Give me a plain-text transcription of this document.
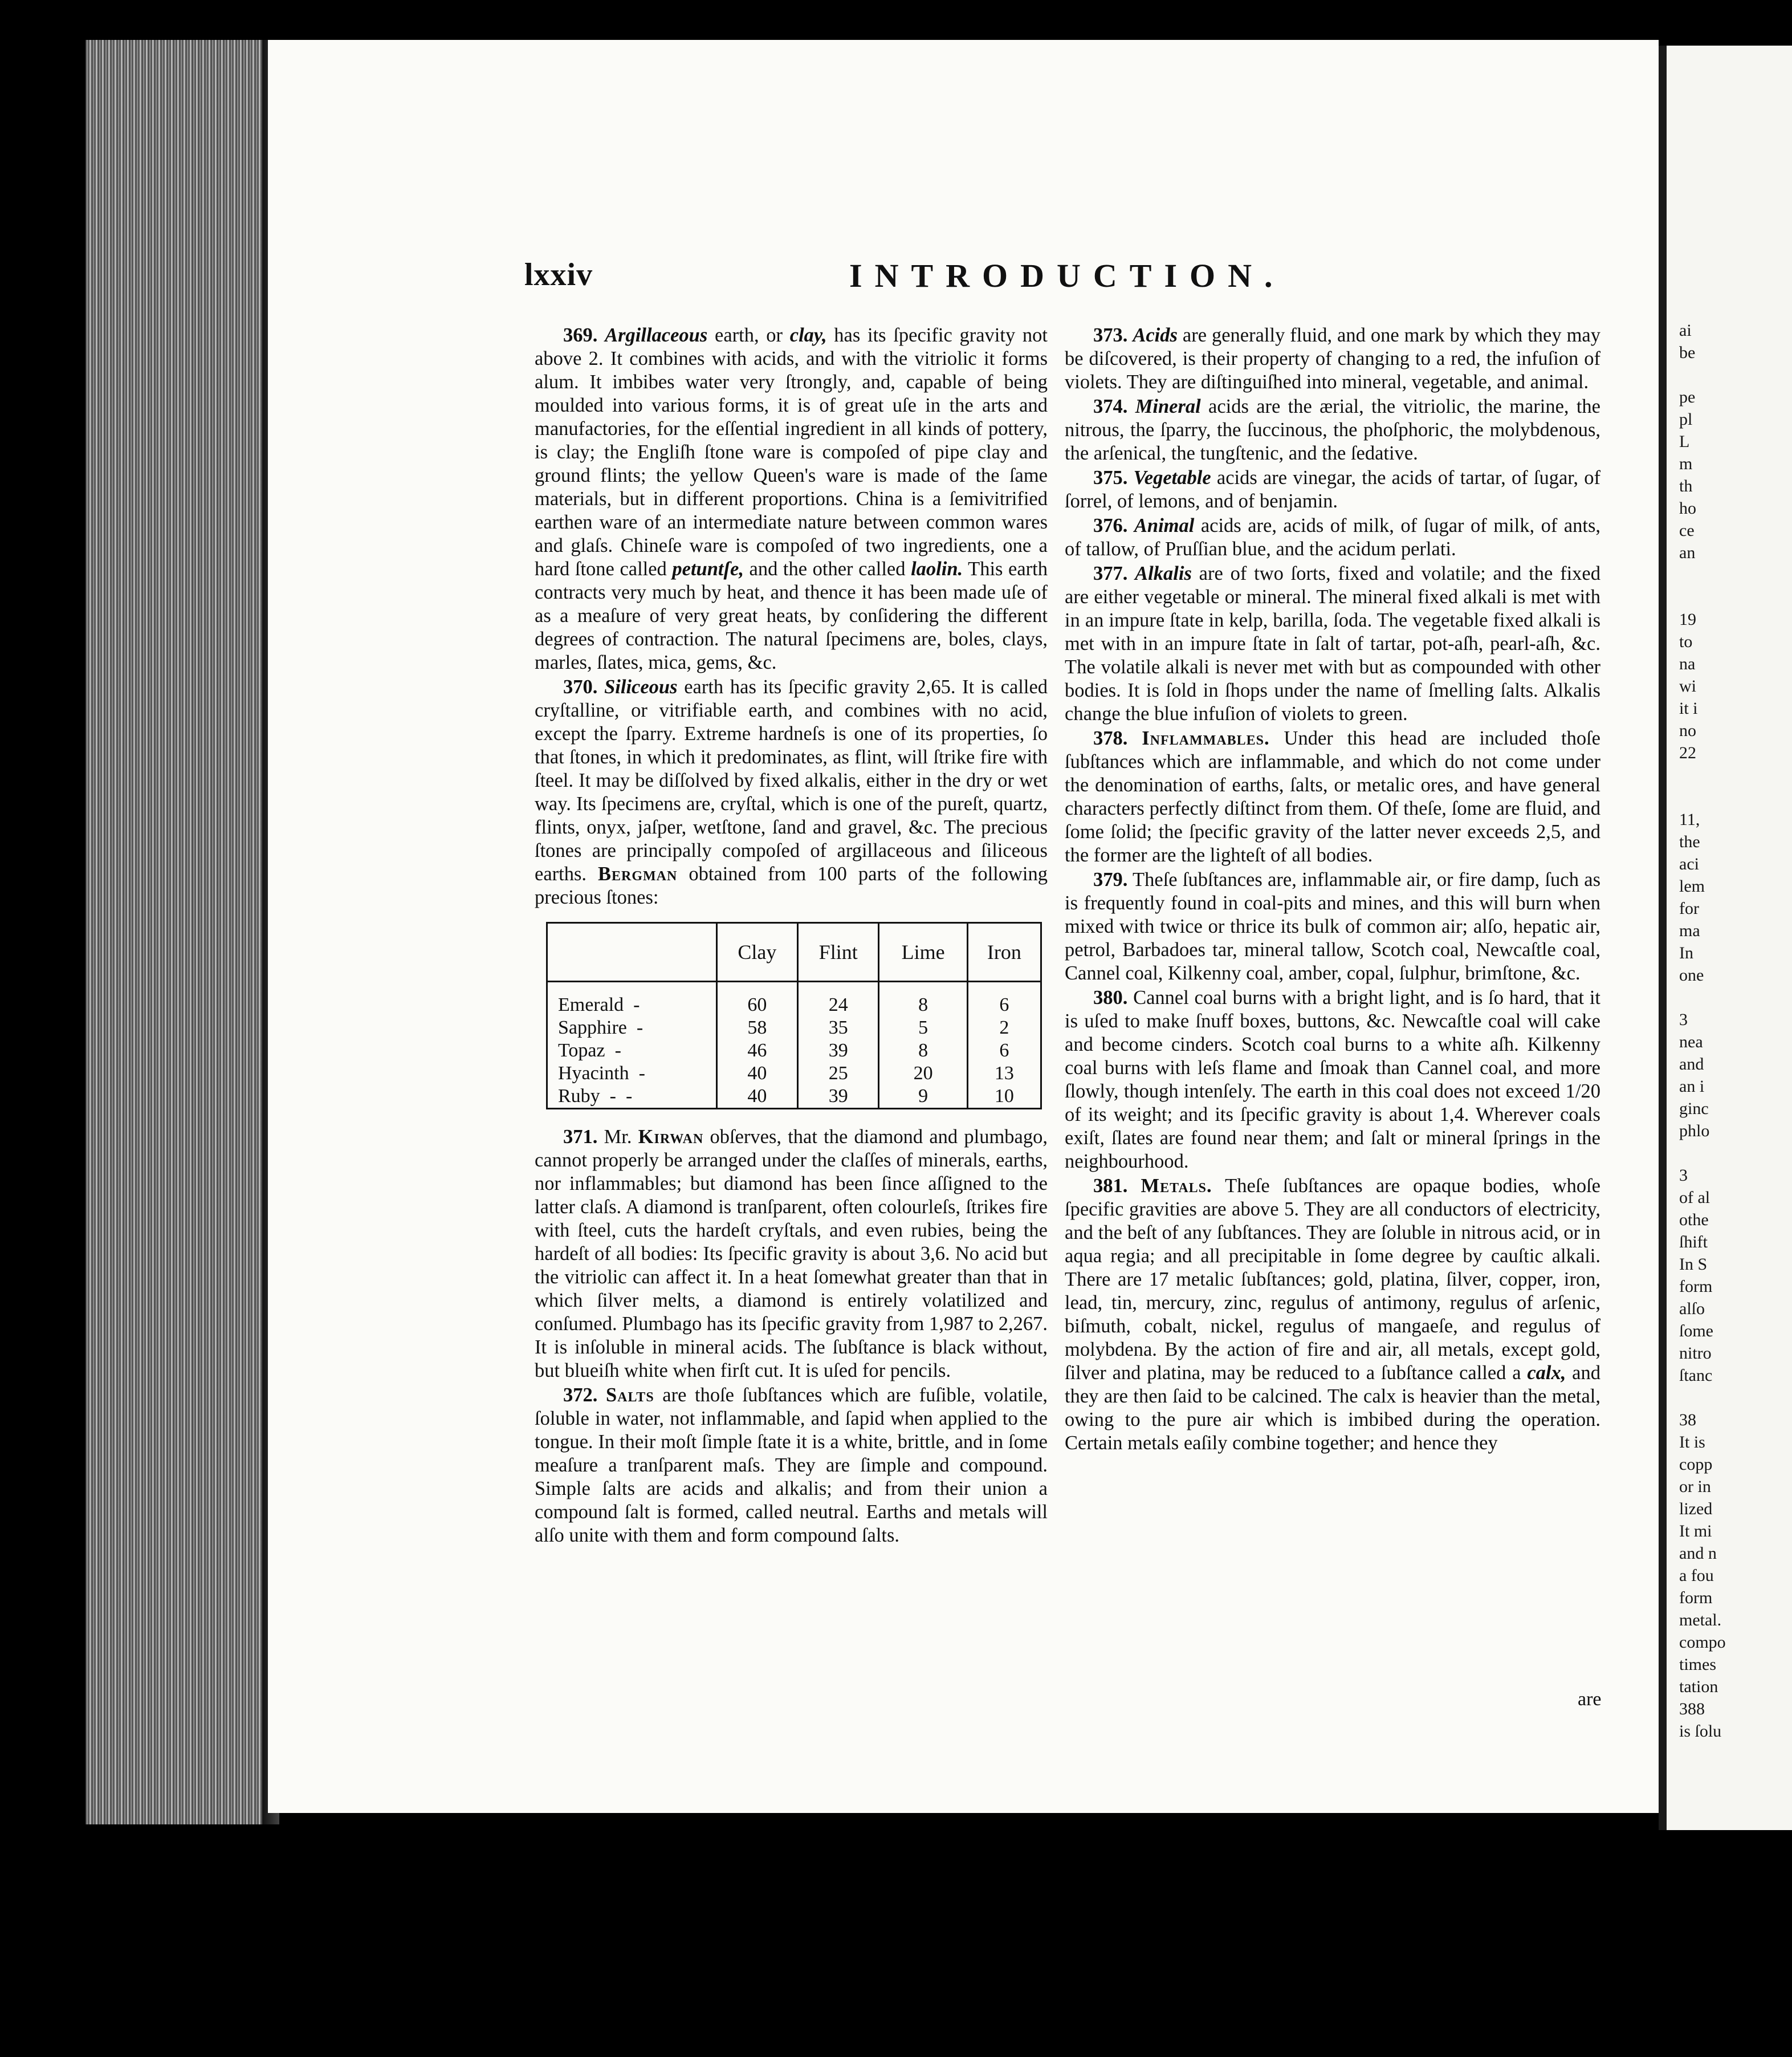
ai
be
pe
pl
L
m
th
ho
ce
an
19
to
na
wi
it i
no
22
11,
the
aci
lem
for
ma
In
one
3
nea
and
an i
ginc
phlo
3
of al
othe
ſhift
In S
form
alſo
ſome
nitro
ſtanc
38
It is
copp
or in
lized
It mi
and n
a fou
form
metal.
compo
times
tation
388
is ſolu
lxxiv	INTRODUCTION.

369. Argillaceous earth, or clay, has its ſpecific gravity not above 2. It combines with acids, and with the vitriolic it forms alum. It imbibes water very ſtrongly, and, capable of being moulded into various forms, it is of great uſe in the arts and manufactories, for the eſſential ingredient in all kinds of pottery, is clay; the Engliſh ſtone ware is compoſed of pipe clay and ground flints; the yellow Queen's ware is made of the ſame materials, but in different proportions. China is a ſemivitrified earthen ware of an intermediate nature between common wares and glaſs. Chineſe ware is compoſed of two ingredients, one a hard ſtone called petuntſe, and the other called laolin. This earth contracts very much by heat, and thence it has been made uſe of as a meaſure of very great heats, by conſidering the different degrees of contraction. The natural ſpecimens are, boles, clays, marles, ſlates, mica, gems, &c.

370. Siliceous earth has its ſpecific gravity 2,65. It is called cryſtalline, or vitrifiable earth, and combines with no acid, except the ſparry. Extreme hardneſs is one of its properties, ſo that ſtones, in which it predominates, as flint, will ſtrike fire with ſteel. It may be diſſolved by fixed alkalis, either in the dry or wet way. Its ſpecimens are, cryſtal, which is one of the pureſt, quartz, flints, onyx, jaſper, wetſtone, ſand and gravel, &c. The precious ſtones are principally compoſed of argillaceous and ſiliceous earths. Bergman obtained from 100 parts of the following precious ſtones:

	Clay	Flint	Lime	Iron
Emerald  -	60	24	8	6
Sapphire  -	58	35	5	2
Topaz  -	46	39	8	6
Hyacinth  -	40	25	20	13
Ruby  -  -	40	39	9	10

371. Mr. Kirwan obſerves, that the diamond and plumbago, cannot properly be arranged under the claſſes of minerals, earths, nor inflammables; but diamond has been ſince aſſigned to the latter claſs. A diamond is tranſparent, often colourleſs, ſtrikes fire with ſteel, cuts the hardeſt cryſtals, and even rubies, being the hardeſt of all bodies: Its ſpecific gravity is about 3,6. No acid but the vitriolic can affect it. In a heat ſomewhat greater than that in which ſilver melts, a diamond is entirely volatilized and conſumed. Plumbago has its ſpecific gravity from 1,987 to 2,267. It is inſoluble in mineral acids. The ſubſtance is black without, but blueiſh white when firſt cut. It is uſed for pencils.

372. Salts are thoſe ſubſtances which are fuſible, volatile, ſoluble in water, not inflammable, and ſapid when applied to the tongue. In their moſt ſimple ſtate it is a white, brittle, and in ſome meaſure a tranſparent maſs. They are ſimple and compound. Simple ſalts are acids and alkalis; and from their union a compound ſalt is formed, called neutral. Earths and metals will alſo unite with them and form compound ſalts.

373. Acids are generally fluid, and one mark by which they may be diſcovered, is their property of changing to a red, the infuſion of violets. They are diſtinguiſhed into mineral, vegetable, and animal.

374. Mineral acids are the ærial, the vitriolic, the marine, the nitrous, the ſparry, the ſuccinous, the phoſphoric, the molybdenous, the arſenical, the tungſtenic, and the ſedative.

375. Vegetable acids are vinegar, the acids of tartar, of ſugar, of ſorrel, of lemons, and of benjamin.

376. Animal acids are, acids of milk, of ſugar of milk, of ants, of tallow, of Pruſſian blue, and the acidum perlati.

377. Alkalis are of two ſorts, fixed and volatile; and the fixed are either vegetable or mineral. The mineral fixed alkali is met with in an impure ſtate in kelp, barilla, ſoda. The vegetable fixed alkali is met with in an impure ſtate in ſalt of tartar, pot-aſh, pearl-aſh, &c. The volatile alkali is never met with but as compounded with other bodies. It is ſold in ſhops under the name of ſmelling ſalts. Alkalis change the blue infuſion of violets to green.

378. Inflammables. Under this head are included thoſe ſubſtances which are inflammable, and which do not come under the denomination of earths, ſalts, or metalic ores, and have general characters perfectly diſtinct from them. Of theſe, ſome are fluid, and ſome ſolid; the ſpecific gravity of the latter never exceeds 2,5, and the former are the lighteſt of all bodies.

379. Theſe ſubſtances are, inflammable air, or fire damp, ſuch as is frequently found in coal-pits and mines, and this will burn when mixed with twice or thrice its bulk of common air; alſo, hepatic air, petrol, Barbadoes tar, mineral tallow, Scotch coal, Newcaſtle coal, Cannel coal, Kilkenny coal, amber, copal, ſulphur, brimſtone, &c.

380. Cannel coal burns with a bright light, and is ſo hard, that it is uſed to make ſnuff boxes, buttons, &c. Newcaſtle coal will cake and become cinders. Scotch coal burns to a white aſh. Kilkenny coal burns with leſs flame and ſmoak than Cannel coal, and more ſlowly, though intenſely. The earth in this coal does not exceed 1/20 of its weight; and its ſpecific gravity is about 1,4. Wherever coals exiſt, ſlates are found near them; and ſalt or mineral ſprings in the neighbourhood.

381. Metals. Theſe ſubſtances are opaque bodies, whoſe ſpecific gravities are above 5. They are all conductors of electricity, and the beſt of any ſubſtances. They are ſoluble in nitrous acid, or in aqua regia; and all precipitable in ſome degree by cauſtic alkali. There are 17 metalic ſubſtances; gold, platina, ſilver, copper, iron, lead, tin, mercury, zinc, regulus of antimony, regulus of arſenic, biſmuth, cobalt, nickel, regulus of mangaeſe, and regulus of molybdena. By the action of fire and air, all metals, except gold, ſilver and platina, may be reduced to a ſubſtance called a calx, and they are then ſaid to be calcined. The calx is heavier than the metal, owing to the pure air which is imbibed during the operation. Certain metals eaſily combine together; and hence they

are
